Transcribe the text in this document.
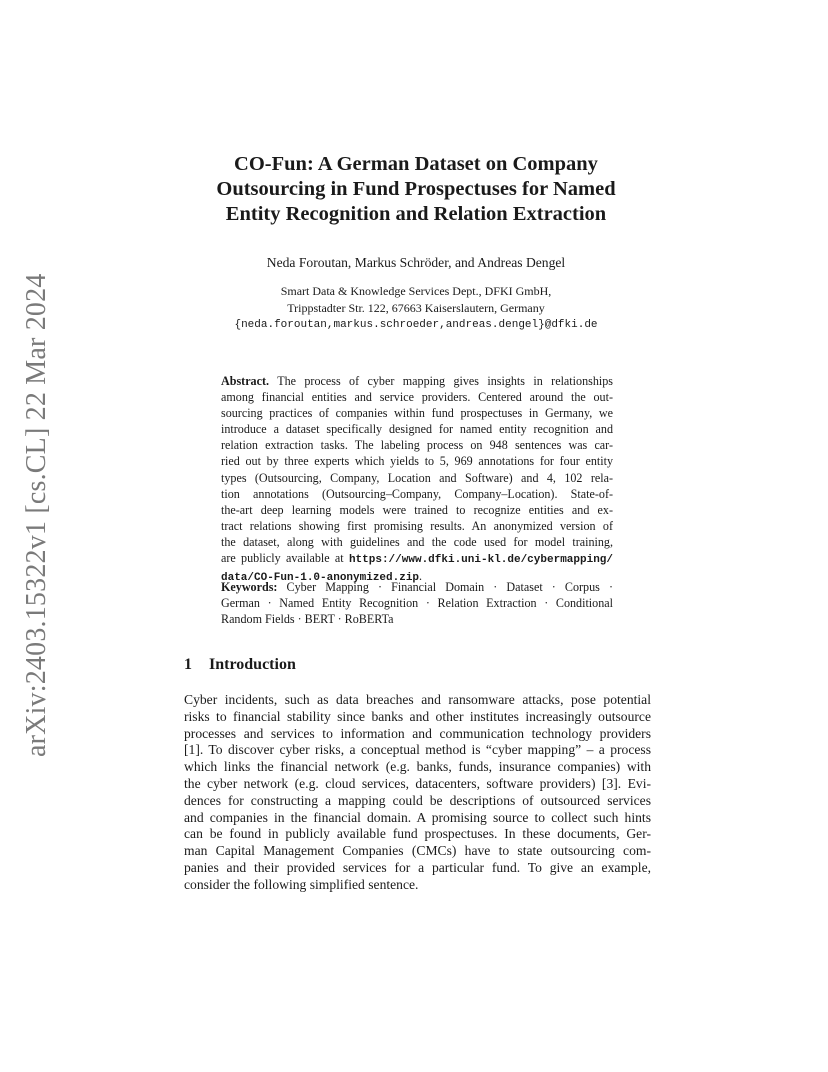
arXiv:2403.15322v1 [cs.CL] 22 Mar 2024
CO-Fun: A German Dataset on Company
Outsourcing in Fund Prospectuses for Named
Entity Recognition and Relation Extraction
Neda Foroutan, Markus Schröder, and Andreas Dengel
Smart Data & Knowledge Services Dept., DFKI GmbH,
Trippstadter Str. 122, 67663 Kaiserslautern, Germany
{neda.foroutan,markus.schroeder,andreas.dengel}@dfki.de
Abstract. The process of cyber mapping gives insights in relationships
among financial entities and service providers. Centered around the out-
sourcing practices of companies within fund prospectuses in Germany, we
introduce a dataset specifically designed for named entity recognition and
relation extraction tasks. The labeling process on 948 sentences was car-
ried out by three experts which yields to 5, 969 annotations for four entity
types (Outsourcing, Company, Location and Software) and 4, 102 rela-
tion annotations (Outsourcing–Company, Company–Location). State-of-
the-art deep learning models were trained to recognize entities and ex-
tract relations showing first promising results. An anonymized version of
the dataset, along with guidelines and the code used for model training,
are publicly available at https://www.dfki.uni-kl.de/cybermapping/
data/CO-Fun-1.0-anonymized.zip.
Keywords: Cyber Mapping · Financial Domain · Dataset · Corpus ·
German · Named Entity Recognition · Relation Extraction · Conditional
Random Fields · BERT · RoBERTa
1 Introduction
Cyber incidents, such as data breaches and ransomware attacks, pose potential
risks to financial stability since banks and other institutes increasingly outsource
processes and services to information and communication technology providers
[1]. To discover cyber risks, a conceptual method is “cyber mapping” – a process
which links the financial network (e.g. banks, funds, insurance companies) with
the cyber network (e.g. cloud services, datacenters, software providers) [3]. Evi-
dences for constructing a mapping could be descriptions of outsourced services
and companies in the financial domain. A promising source to collect such hints
can be found in publicly available fund prospectuses. In these documents, Ger-
man Capital Management Companies (CMCs) have to state outsourcing com-
panies and their provided services for a particular fund. To give an example,
consider the following simplified sentence.
